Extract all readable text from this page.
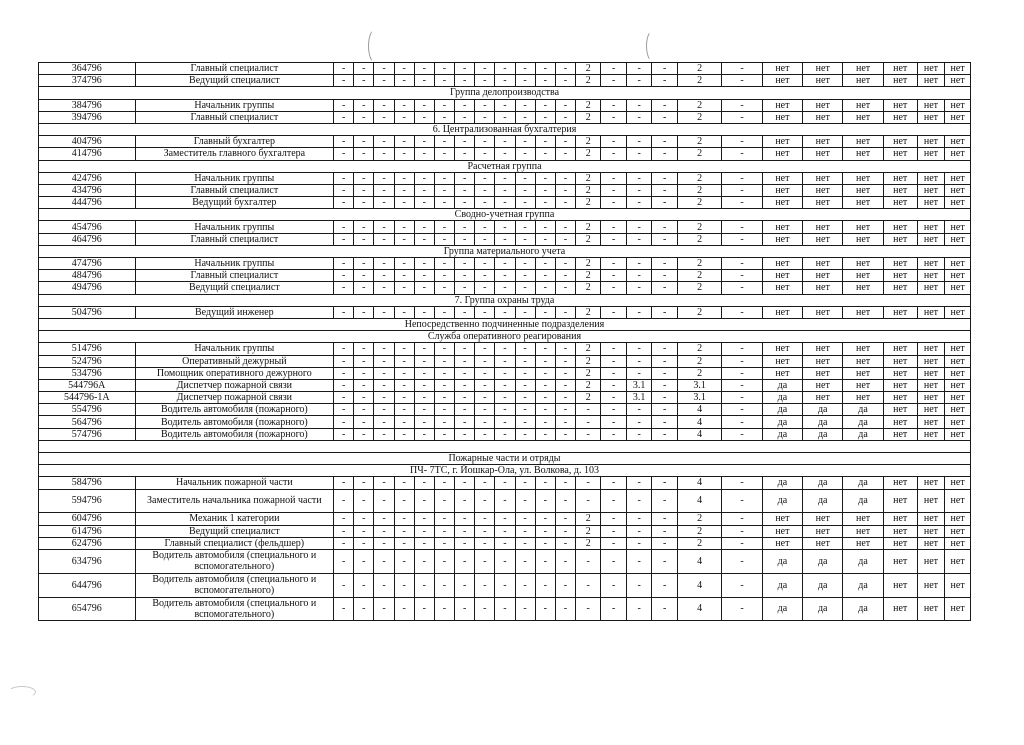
364796	Главный специалист	-	-	-	-	-	-	-	-	-	-	-	-	2	-	-	-	2	-	нет	нет	нет	нет	нет	нет
374796	Ведущий специалист	-	-	-	-	-	-	-	-	-	-	-	-	2	-	-	-	2	-	нет	нет	нет	нет	нет	нет
Группа делопроизводства																									
384796	Начальник группы	-	-	-	-	-	-	-	-	-	-	-	-	2	-	-	-	2	-	нет	нет	нет	нет	нет	нет
394796	Главный специалист	-	-	-	-	-	-	-	-	-	-	-	-	2	-	-	-	2	-	нет	нет	нет	нет	нет	нет
6. Централизованная бухгалтерия																									
404796	Главный бухгалтер	-	-	-	-	-	-	-	-	-	-	-	-	2	-	-	-	2	-	нет	нет	нет	нет	нет	нет
414796	Заместитель главного бухгалтера	-	-	-	-	-	-	-	-	-	-	-	-	2	-	-	-	2	-	нет	нет	нет	нет	нет	нет
Расчетная группа																									
424796	Начальник группы	-	-	-	-	-	-	-	-	-	-	-	-	2	-	-	-	2	-	нет	нет	нет	нет	нет	нет
434796	Главный специалист	-	-	-	-	-	-	-	-	-	-	-	-	2	-	-	-	2	-	нет	нет	нет	нет	нет	нет
444796	Ведущий бухгалтер	-	-	-	-	-	-	-	-	-	-	-	-	2	-	-	-	2	-	нет	нет	нет	нет	нет	нет
Сводно-учетная группа																									
454796	Начальник группы	-	-	-	-	-	-	-	-	-	-	-	-	2	-	-	-	2	-	нет	нет	нет	нет	нет	нет
464796	Главный специалист	-	-	-	-	-	-	-	-	-	-	-	-	2	-	-	-	2	-	нет	нет	нет	нет	нет	нет
Группа материального учета																									
474796	Начальник группы	-	-	-	-	-	-	-	-	-	-	-	-	2	-	-	-	2	-	нет	нет	нет	нет	нет	нет
484796	Главный специалист	-	-	-	-	-	-	-	-	-	-	-	-	2	-	-	-	2	-	нет	нет	нет	нет	нет	нет
494796	Ведущий специалист	-	-	-	-	-	-	-	-	-	-	-	-	2	-	-	-	2	-	нет	нет	нет	нет	нет	нет
7. Группа охраны труда																									
504796	Ведущий инженер	-	-	-	-	-	-	-	-	-	-	-	-	2	-	-	-	2	-	нет	нет	нет	нет	нет	нет
Непосредственно подчиненные подразделения																									
Служба оперативного реагирования																									
514796	Начальник группы	-	-	-	-	-	-	-	-	-	-	-	-	2	-	-	-	2	-	нет	нет	нет	нет	нет	нет
524796	Оперативный дежурный	-	-	-	-	-	-	-	-	-	-	-	-	2	-	-	-	2	-	нет	нет	нет	нет	нет	нет
534796	Помощник оперативного дежурного	-	-	-	-	-	-	-	-	-	-	-	-	2	-	-	-	2	-	нет	нет	нет	нет	нет	нет
544796А	Диспетчер пожарной связи	-	-	-	-	-	-	-	-	-	-	-	-	2	-	3.1	-	3.1	-	да	нет	нет	нет	нет	нет
544796-1А	Диспетчер пожарной связи	-	-	-	-	-	-	-	-	-	-	-	-	2	-	3.1	-	3.1	-	да	нет	нет	нет	нет	нет
554796	Водитель автомобиля (пожарного)	-	-	-	-	-	-	-	-	-	-	-	-	-	-	-	-	4	-	да	да	да	нет	нет	нет
564796	Водитель автомобиля (пожарного)	-	-	-	-	-	-	-	-	-	-	-	-	-	-	-	-	4	-	да	да	да	нет	нет	нет
574796	Водитель автомобиля (пожарного)	-	-	-	-	-	-	-	-	-	-	-	-	-	-	-	-	4	-	да	да	да	нет	нет	нет

Пожарные части и отряды																									
ПЧ- 7ТС, г. Йошкар-Ола, ул. Волкова, д. 103																									
584796	Начальник пожарной части	-	-	-	-	-	-	-	-	-	-	-	-	-	-	-	-	4	-	да	да	да	нет	нет	нет
594796	Заместитель начальника пожарной части	-	-	-	-	-	-	-	-	-	-	-	-	-	-	-	-	4	-	да	да	да	нет	нет	нет
604796	Механик 1 категории	-	-	-	-	-	-	-	-	-	-	-	-	2	-	-	-	2	-	нет	нет	нет	нет	нет	нет
614796	Ведущий специалист	-	-	-	-	-	-	-	-	-	-	-	-	2	-	-	-	2	-	нет	нет	нет	нет	нет	нет
624796	Главный специалист (фельдшер)	-	-	-	-	-	-	-	-	-	-	-	-	2	-	-	-	2	-	нет	нет	нет	нет	нет	нет
634796	Водитель автомобиля (специального и вспомогательного)	-	-	-	-	-	-	-	-	-	-	-	-	-	-	-	-	4	-	да	да	да	нет	нет	нет
644796	Водитель автомобиля (специального и вспомогательного)	-	-	-	-	-	-	-	-	-	-	-	-	-	-	-	-	4	-	да	да	да	нет	нет	нет
654796	Водитель автомобиля (специального и вспомогательного)	-	-	-	-	-	-	-	-	-	-	-	-	-	-	-	-	4	-	да	да	да	нет	нет	нет
